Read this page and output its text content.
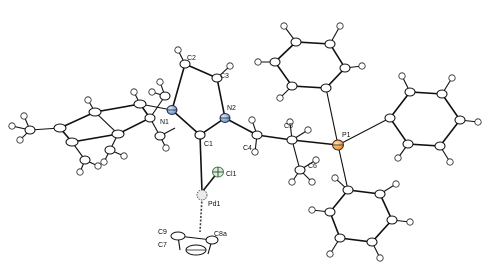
C2
C3
N1
N2
C1
C4
C5
C6
P1
Cl1
Pd1
C9
C7
C8a
